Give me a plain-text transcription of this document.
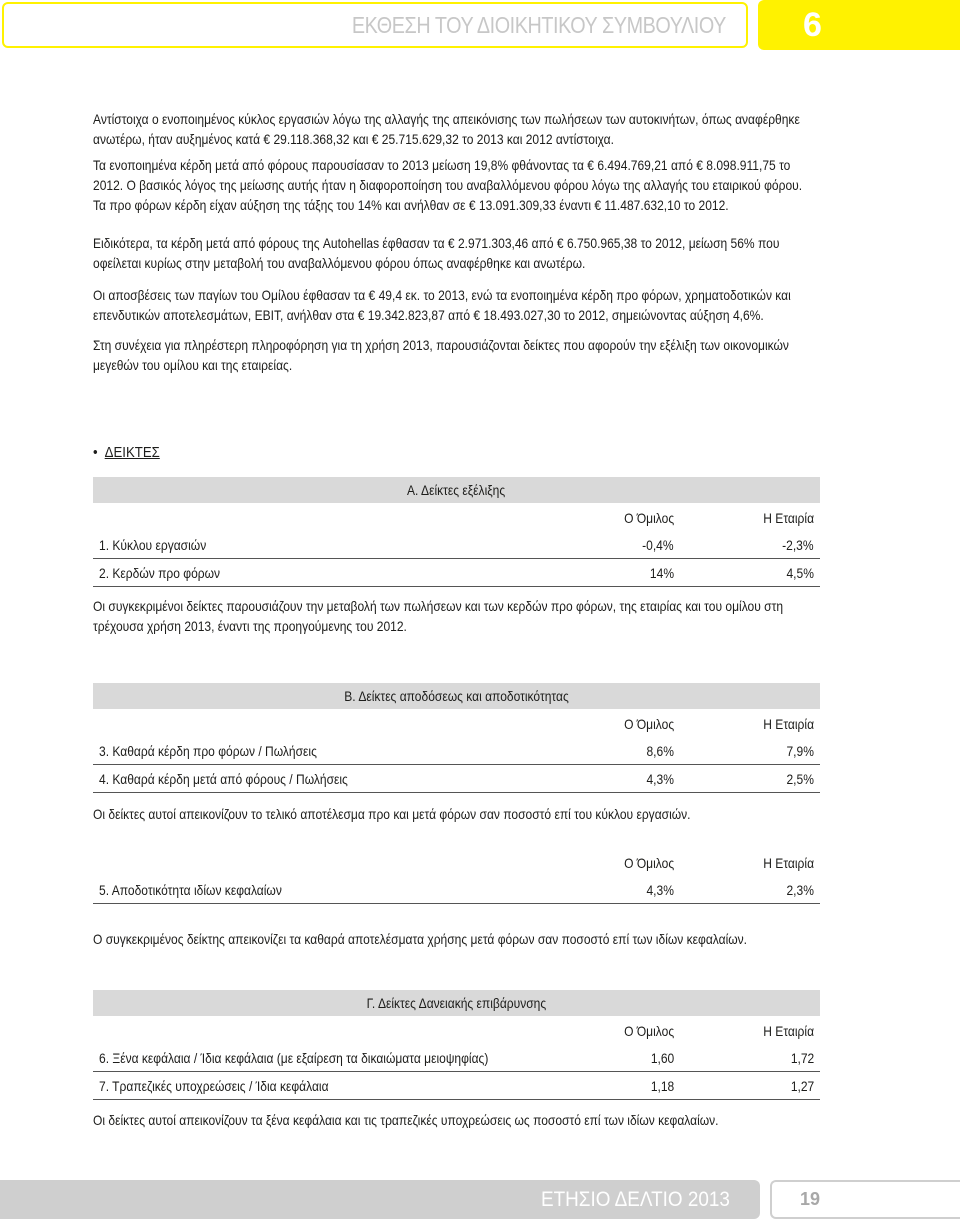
ΕΚΘΕΣΗ ΤΟΥ ΔΙΟΙΚΗΤΙΚΟΥ ΣΥΜΒΟΥΛΙΟΥ 6

Αντίστοιχα ο ενοποιημένος κύκλος εργασιών λόγω της αλλαγής της απεικόνισης των πωλήσεων των αυτοκινήτων, όπως αναφέρθηκε

ανωτέρω, ήταν αυξημένος κατά € 29.118.368,32 και € 25.715.629,32 το 2013 και 2012 αντίστοιχα.

Τα ενοποιημένα κέρδη μετά από φόρους παρουσίασαν το 2013 μείωση 19,8% φθάνοντας τα € 6.494.769,21 από € 8.098.911,75 το

2012. Ο βασικός λόγος της μείωσης αυτής ήταν η διαφοροποίηση του αναβαλλόμενου φόρου λόγω της αλλαγής του εταιρικού φόρου.

Τα προ φόρων κέρδη είχαν αύξηση της τάξης του 14% και ανήλθαν σε € 13.091.309,33 έναντι € 11.487.632,10 το 2012.

Ειδικότερα, τα κέρδη μετά από φόρους της Autohellas έφθασαν τα € 2.971.303,46 από € 6.750.965,38 το 2012, μείωση 56% που

οφείλεται κυρίως στην μεταβολή του αναβαλλόμενου φόρου όπως αναφέρθηκε και ανωτέρω.

Οι αποσβέσεις των παγίων του Ομίλου έφθασαν τα € 49,4 εκ. το 2013, ενώ τα ενοποιημένα κέρδη προ φόρων, χρηματοδοτικών και

επενδυτικών αποτελεσμάτων, EBIT, ανήλθαν στα € 19.342.823,87 από € 18.493.027,30 το 2012, σημειώνοντας αύξηση 4,6%.

Στη συνέχεια για πληρέστερη πληροφόρηση για τη χρήση 2013, παρουσιάζονται δείκτες που αφορούν την εξέλιξη των οικονομικών

μεγεθών του ομίλου και της εταιρείας.

• ΔΕΙΚΤΕΣ
Α. Δείκτες εξέλιξης
Ο Όμιλος	Η Εταιρία
1. Κύκλου εργασιών	-0,4%	-2,3%
2. Κερδών προ φόρων	14%	4,5%

Οι συγκεκριμένοι δείκτες παρουσιάζουν την μεταβολή των πωλήσεων και των κερδών προ φόρων, της εταιρίας και του ομίλου στη

τρέχουσα χρήση 2013, έναντι της προηγούμενης του 2012.

Β. Δείκτες αποδόσεως και αποδοτικότητας
Ο Όμιλος	Η Εταιρία
3. Καθαρά κέρδη προ φόρων / Πωλήσεις	8,6%	7,9%
4. Καθαρά κέρδη μετά από φόρους / Πωλήσεις	4,3%	2,5%

Οι δείκτες αυτοί απεικονίζουν το τελικό αποτέλεσμα προ και μετά φόρων σαν ποσοστό επί του κύκλου εργασιών.

Ο Όμιλος	Η Εταιρία
5. Αποδοτικότητα ιδίων κεφαλαίων	4,3%	2,3%

Ο συγκεκριμένος δείκτης απεικονίζει τα καθαρά αποτελέσματα χρήσης μετά φόρων σαν ποσοστό επί των ιδίων κεφαλαίων.

Γ. Δείκτες Δανειακής επιβάρυνσης
Ο Όμιλος	Η Εταιρία
6. Ξένα κεφάλαια / Ίδια κεφάλαια (με εξαίρεση τα δικαιώματα μειοψηφίας)	1,60	1,72
7. Τραπεζικές υποχρεώσεις / Ίδια κεφάλαια	1,18	1,27

Οι δείκτες αυτοί απεικονίζουν τα ξένα κεφάλαια και τις τραπεζικές υποχρεώσεις ως ποσοστό επί των ιδίων κεφαλαίων.

ΕΤΗΣΙΟ ΔΕΛΤΙΟ 2013	19
